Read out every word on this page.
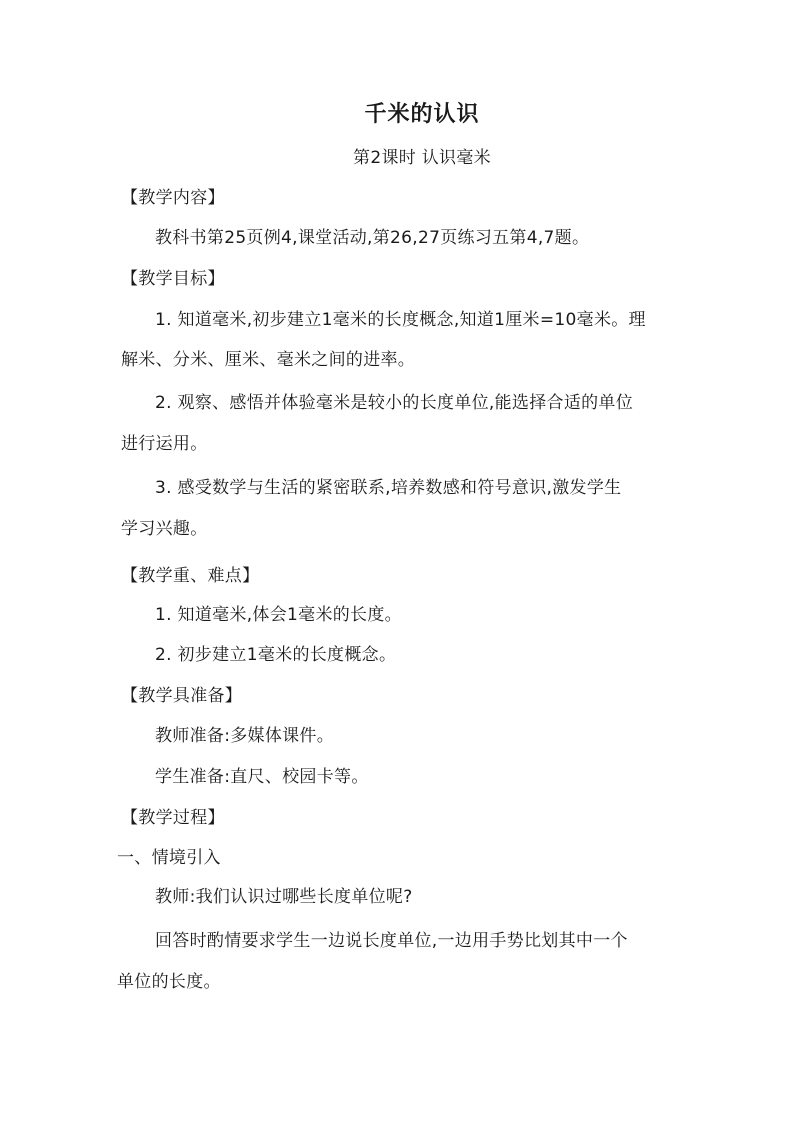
千米的认识
第2课时 认识毫米
【教学内容】
教科书第25页例4,课堂活动,第26,27页练习五第4,7题。
【教学目标】
1. 知道毫米,初步建立1毫米的长度概念,知道1厘米=10毫米。理
解米、分米、厘米、毫米之间的进率。
2. 观察、感悟并体验毫米是较小的长度单位,能选择合适的单位
进行运用。
3. 感受数学与生活的紧密联系,培养数感和符号意识,激发学生
学习兴趣。
【教学重、难点】
1. 知道毫米,体会1毫米的长度。
2. 初步建立1毫米的长度概念。
【教学具准备】
教师准备:多媒体课件。
学生准备:直尺、校园卡等。
【教学过程】
一、情境引入
教师:我们认识过哪些长度单位呢?
回答时酌情要求学生一边说长度单位,一边用手势比划其中一个
单位的长度。
